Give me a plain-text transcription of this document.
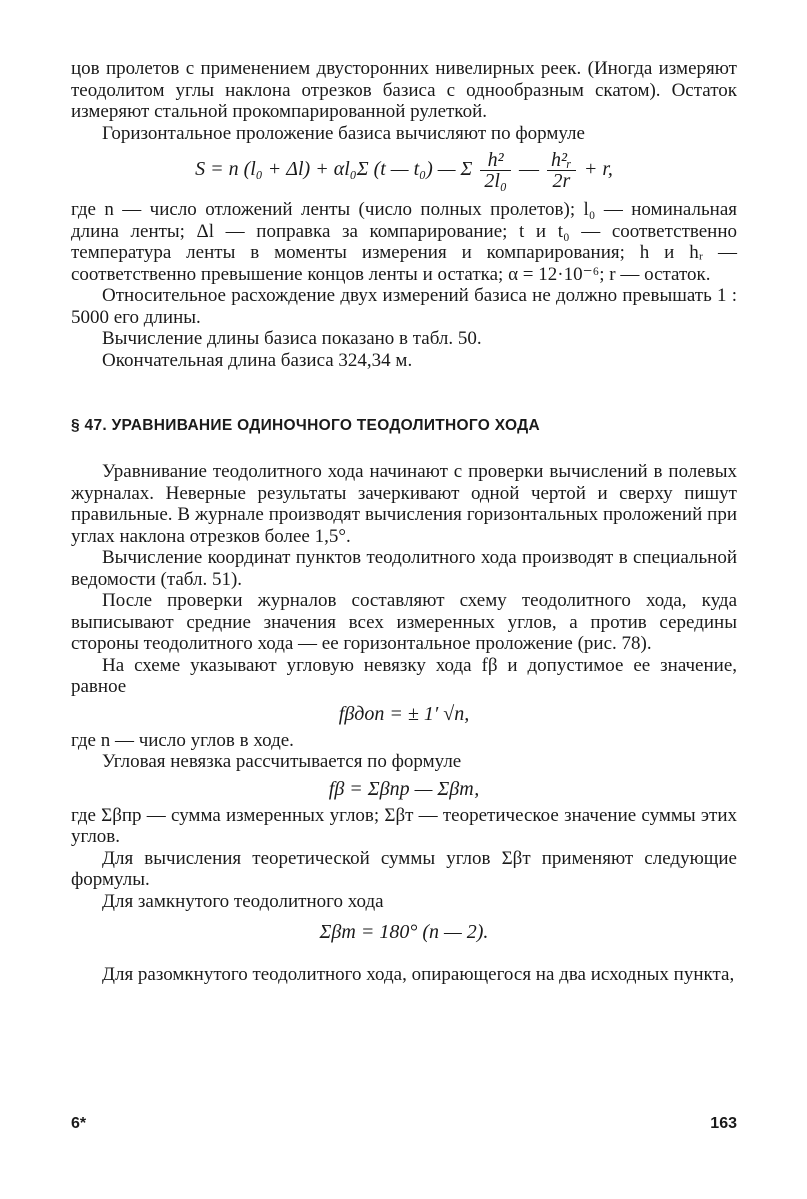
цов пролетов с применением двусторонних нивелирных реек. (Иногда измеряют теодолитом углы наклона отрезков базиса с однообразным скатом). Остаток измеряют стальной прокомпарированной рулеткой.

Горизонтальное проложение базиса вычисляют по формуле

S = n (l₀ + Δl) + αl₀Σ (t — t₀) — Σ $\frac{\text{h²}}{\text{2l₀}}$ — $\frac{\text{h²ᵣ}}{2r} + r$,

где n — число отложений ленты (число полных пролетов); l₀ — номинальная длина ленты; Δl — поправка за компарирование; t и t₀ — соответственно температура ленты в моменты измерения и компарирования; h и hᵣ — соответственно превышение концов ленты и остатка; α = 12·10⁻⁶; r — остаток.

Относительное расхождение двух измерений базиса не должно превышать 1 : 5000 его длины.

Вычисление длины базиса показано в табл. 50.

Окончательная длина базиса 324,34 м.

§ 47. УРАВНИВАНИЕ ОДИНОЧНОГО ТЕОДОЛИТНОГО ХОДА

Уравнивание теодолитного хода начинают с проверки вычислений в полевых журналах. Неверные результаты зачеркивают одной чертой и сверху пишут правильные. В журнале производят вычисления горизонтальных проложений при углах наклона отрезков более 1,5°.

Вычисление координат пунктов теодолитного хода производят в специальной ведомости (табл. 51).

После проверки журналов составляют схему теодолитного хода, куда выписывают средние значения всех измеренных углов, а против середины стороны теодолитного хода — ее горизонтальное проложение (рис. 78).

На схеме указывают угловую невязку хода fβ и допустимое ее значение, равное

fβдоп = ± 1′ √n,

где n — число углов в ходе.

Угловая невязка рассчитывается по формуле

fβ = Σβпр — Σβт,

где Σβпр — сумма измеренных углов; Σβт — теоретическое значение суммы этих углов.

Для вычисления теоретической суммы углов Σβт применяют следующие формулы.

Для замкнутого теодолитного хода

Σβт = 180° (n — 2).

Для разомкнутого теодолитного хода, опирающегося на два исходных пункта,

6*	163
